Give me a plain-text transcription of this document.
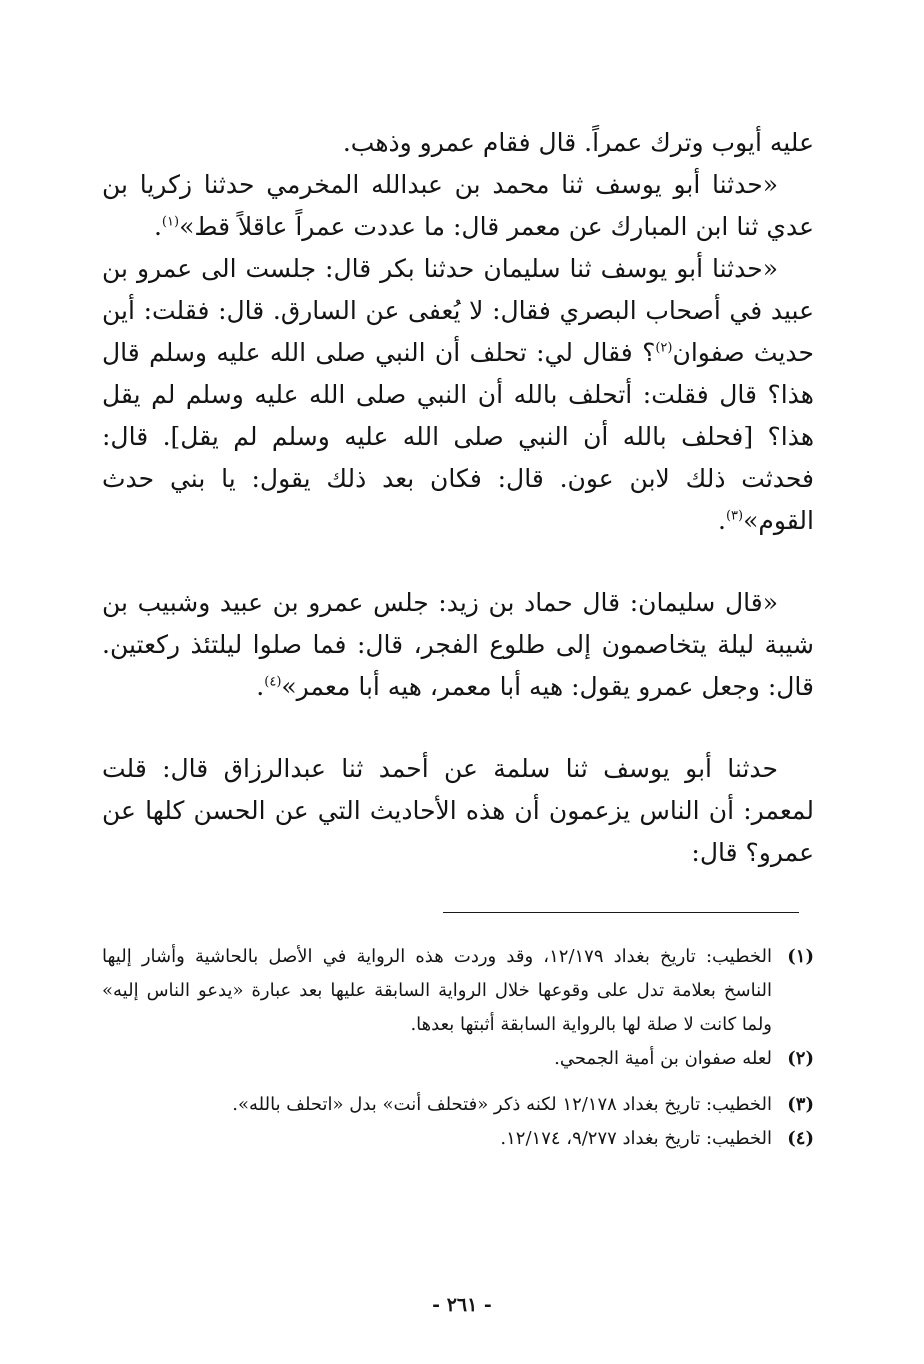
عليه أيوب وترك عمراً. قال فقام عمرو وذهب.

«حدثنا أبو يوسف ثنا محمد بن عبدالله المخرمي حدثنا زكريا بن عدي ثنا ابن المبارك عن معمر قال: ما عددت عمراً عاقلاً قط»$^{(١)}$.

«حدثنا أبو يوسف ثنا سليمان حدثنا بكر قال: جلست الى عمرو بن عبيد في أصحاب البصري فقال: لا يُعفى عن السارق. قال: فقلت: أين حديث صفوان$^{(٢)}$؟ فقال لي: تحلف أن النبي صلى الله عليه وسلم قال هذا؟ قال فقلت: أتحلف بالله أن النبي صلى الله عليه وسلم لم يقل هذا؟ [فحلف بالله أن النبي صلى الله عليه وسلم لم يقل]. قال: فحدثت ذلك لابن عون. قال: فكان بعد ذلك يقول: يا بني حدث القوم»$^{(٣)}$.

«قال سليمان: قال حماد بن زيد: جلس عمرو بن عبيد وشبيب بن شيبة ليلة يتخاصمون إلى طلوع الفجر، قال: فما صلوا ليلتئذ ركعتين. قال: وجعل عمرو يقول: هيه أبا معمر، هيه أبا معمر»$^{(٤)}$.

حدثنا أبو يوسف ثنا سلمة عن أحمد ثنا عبدالرزاق قال: قلت لمعمر: أن الناس يزعمون أن هذه الأحاديث التي عن الحسن كلها عن عمرو؟ قال:

(١)
الخطيب: تاريخ بغداد ١٢/١٧٩، وقد وردت هذه الرواية في الأصل بالحاشية وأشار إليها الناسخ بعلامة تدل على وقوعها خلال الرواية السابقة عليها بعد عبارة «يدعو الناس إليه» ولما كانت لا صلة لها بالرواية السابقة أثبتها بعدها.
(٢)
لعله صفوان بن أمية الجمحي.
(٣)
الخطيب: تاريخ بغداد ١٢/١٧٨ لكنه ذكر «فتحلف أنت» بدل «اتحلف بالله».
(٤)
الخطيب: تاريخ بغداد ٩/٢٧٧، ١٢/١٧٤.
- ٢٦١ -
